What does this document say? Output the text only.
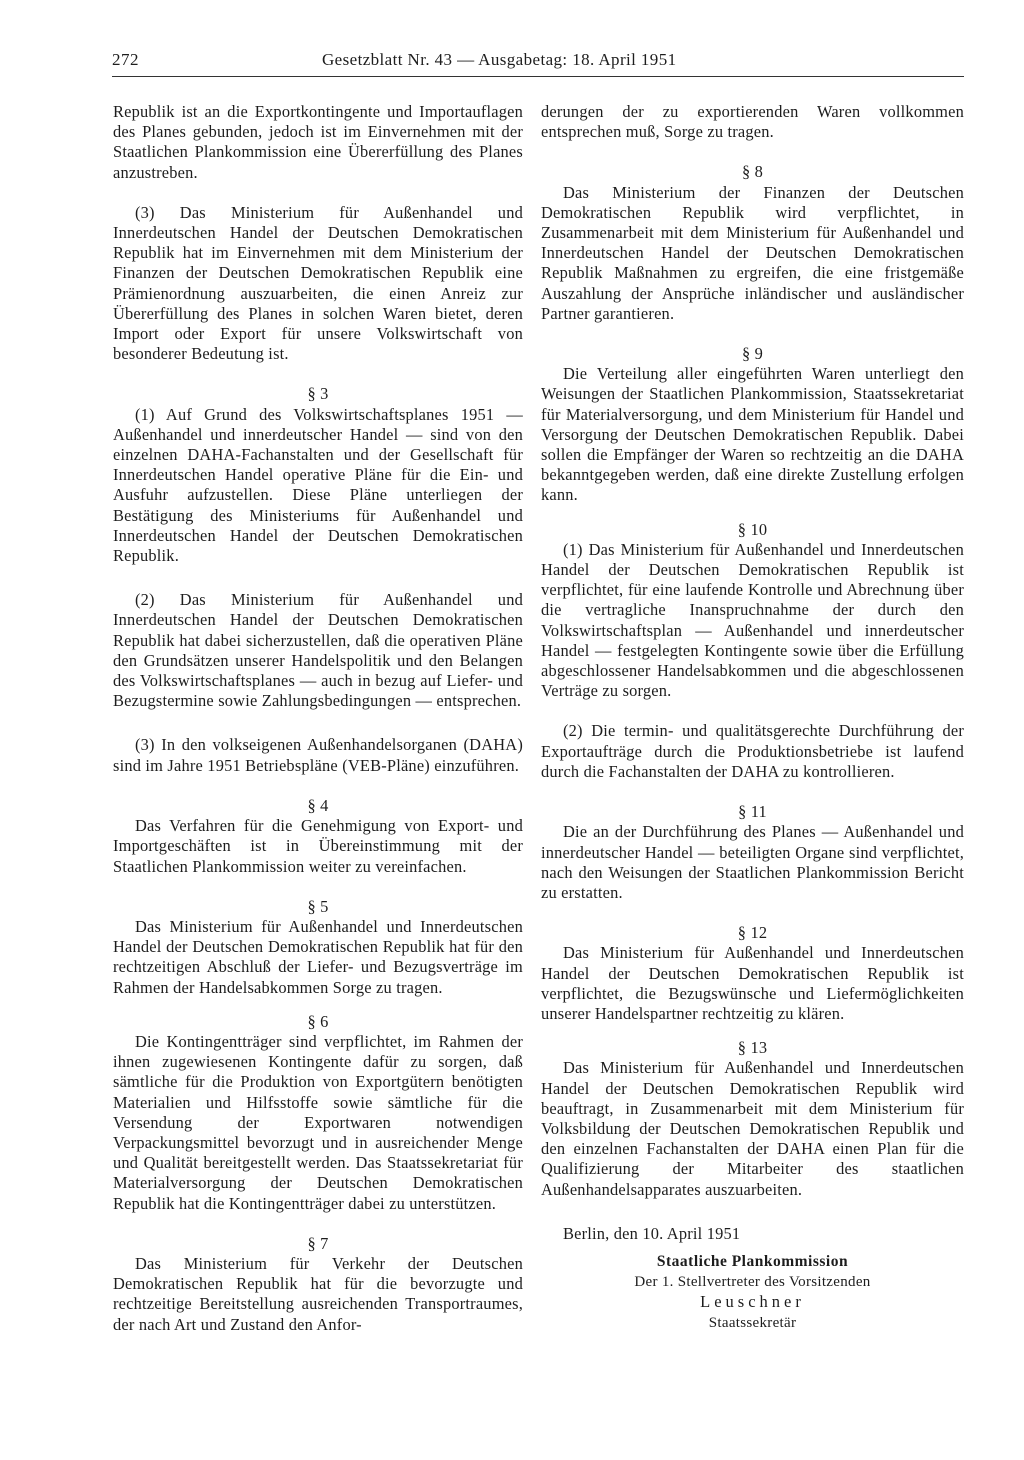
272	Gesetzblatt Nr. 43 — Ausgabetag: 18. April 1951

Republik ist an die Exportkontingente und Importauflagen des Planes gebunden, jedoch ist im Einvernehmen mit der Staatlichen Plankommission eine Übererfüllung des Planes anzustreben.

(3) Das Ministerium für Außenhandel und Innerdeutschen Handel der Deutschen Demokratischen Republik hat im Einvernehmen mit dem Ministerium der Finanzen der Deutschen Demokratischen Republik eine Prämienordnung auszuarbeiten, die einen Anreiz zur Übererfüllung des Planes in solchen Waren bietet, deren Import oder Export für unsere Volkswirtschaft von besonderer Bedeutung ist.

§ 3

(1) Auf Grund des Volkswirtschaftsplanes 1951 — Außenhandel und innerdeutscher Handel — sind von den einzelnen DAHA-Fachanstalten und der Gesellschaft für Innerdeutschen Handel operative Pläne für die Ein- und Ausfuhr aufzustellen. Diese Pläne unterliegen der Bestätigung des Ministeriums für Außenhandel und Innerdeutschen Handel der Deutschen Demokratischen Republik.

(2) Das Ministerium für Außenhandel und Innerdeutschen Handel der Deutschen Demokratischen Republik hat dabei sicherzustellen, daß die operativen Pläne den Grundsätzen unserer Handelspolitik und den Belangen des Volkswirtschaftsplanes — auch in bezug auf Liefer- und Bezugstermine sowie Zahlungsbedingungen — entsprechen.

(3) In den volkseigenen Außenhandelsorganen (DAHA) sind im Jahre 1951 Betriebspläne (VEB-Pläne) einzuführen.

§ 4

Das Verfahren für die Genehmigung von Export- und Importgeschäften ist in Übereinstimmung mit der Staatlichen Plankommission weiter zu vereinfachen.

§ 5

Das Ministerium für Außenhandel und Innerdeutschen Handel der Deutschen Demokratischen Republik hat für den rechtzeitigen Abschluß der Liefer- und Bezugsverträge im Rahmen der Handelsabkommen Sorge zu tragen.

§ 6

Die Kontingentträger sind verpflichtet, im Rahmen der ihnen zugewiesenen Kontingente dafür zu sorgen, daß sämtliche für die Produktion von Exportgütern benötigten Materialien und Hilfsstoffe sowie sämtliche für die Versendung der Exportwaren notwendigen Verpackungsmittel bevorzugt und in ausreichender Menge und Qualität bereitgestellt werden. Das Staatssekretariat für Materialversorgung der Deutschen Demokratischen Republik hat die Kontingentträger dabei zu unterstützen.

§ 7

Das Ministerium für Verkehr der Deutschen Demokratischen Republik hat für die bevorzugte und rechtzeitige Bereitstellung ausreichenden Transportraumes, der nach Art und Zustand den Anfor-

derungen der zu exportierenden Waren vollkommen entsprechen muß, Sorge zu tragen.

§ 8

Das Ministerium der Finanzen der Deutschen Demokratischen Republik wird verpflichtet, in Zusammenarbeit mit dem Ministerium für Außenhandel und Innerdeutschen Handel der Deutschen Demokratischen Republik Maßnahmen zu ergreifen, die eine fristgemäße Auszahlung der Ansprüche inländischer und ausländischer Partner garantieren.

§ 9

Die Verteilung aller eingeführten Waren unterliegt den Weisungen der Staatlichen Plankommission, Staatssekretariat für Materialversorgung, und dem Ministerium für Handel und Versorgung der Deutschen Demokratischen Republik. Dabei sollen die Empfänger der Waren so rechtzeitig an die DAHA bekanntgegeben werden, daß eine direkte Zustellung erfolgen kann.

§ 10

(1) Das Ministerium für Außenhandel und Innerdeutschen Handel der Deutschen Demokratischen Republik ist verpflichtet, für eine laufende Kontrolle und Abrechnung über die vertragliche Inanspruchnahme der durch den Volkswirtschaftsplan — Außenhandel und innerdeutscher Handel — festgelegten Kontingente sowie über die Erfüllung abgeschlossener Handelsabkommen und die abgeschlossenen Verträge zu sorgen.

(2) Die termin- und qualitätsgerechte Durchführung der Exportaufträge durch die Produktionsbetriebe ist laufend durch die Fachanstalten der DAHA zu kontrollieren.

§ 11

Die an der Durchführung des Planes — Außenhandel und innerdeutscher Handel — beteiligten Organe sind verpflichtet, nach den Weisungen der Staatlichen Plankommission Bericht zu erstatten.

§ 12

Das Ministerium für Außenhandel und Innerdeutschen Handel der Deutschen Demokratischen Republik ist verpflichtet, die Bezugswünsche und Liefermöglichkeiten unserer Handelspartner rechtzeitig zu klären.

§ 13

Das Ministerium für Außenhandel und Innerdeutschen Handel der Deutschen Demokratischen Republik wird beauftragt, in Zusammenarbeit mit dem Ministerium für Volksbildung der Deutschen Demokratischen Republik und den einzelnen Fachanstalten der DAHA einen Plan für die Qualifizierung der Mitarbeiter des staatlichen Außenhandelsapparates auszuarbeiten.

Berlin, den 10. April 1951

Staatliche Plankommission
Der 1. Stellvertreter des Vorsitzenden
Leuschner
Staatssekretär
